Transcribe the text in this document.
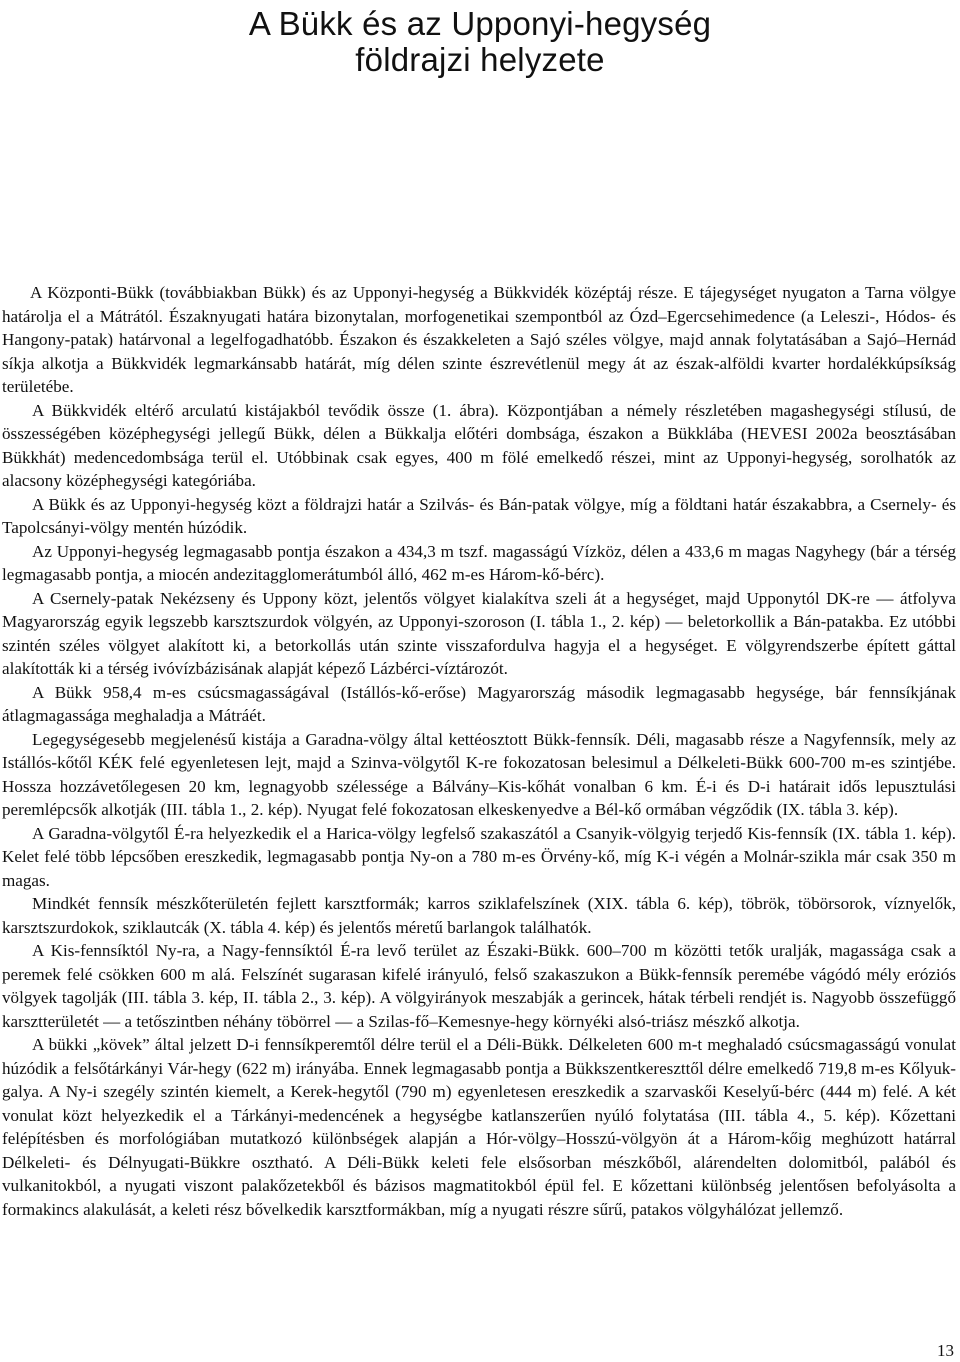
A Bükk és az Upponyi-hegység
földrajzi helyzete

A Központi-Bükk (továbbiakban Bükk) és az Upponyi-hegység a Bükkvidék középtáj része. E tájegységet nyugaton a Tarna völgye határolja el a Mátrától. Északnyugati határa bizonytalan, morfogenetikai szempontból az Ózd–Egercsehimedence (a Leleszi-, Hódos- és Hangony-patak) határvonal a legelfogadhatóbb. Északon és északkeleten a Sajó széles völgye, majd annak folytatásában a Sajó–Hernád síkja alkotja a Bükkvidék legmarkánsabb határát, míg délen szinte észrevétlenül megy át az észak-alföldi kvarter hordalékkúpsíkság területébe.

A Bükkvidék eltérő arculatú kistájakból tevődik össze (1. ábra). Központjában a némely részletében magashegységi stílusú, de összességében középhegységi jellegű Bükk, délen a Bükkalja előtéri dombsága, északon a Bükklába (HEVESI 2002a beosztásában Bükkhát) medencedombsága terül el. Utóbbinak csak egyes, 400 m fölé emelkedő részei, mint az Upponyi-hegység, sorolhatók az alacsony középhegységi kategóriába.

A Bükk és az Upponyi-hegység közt a földrajzi határ a Szilvás- és Bán-patak völgye, míg a földtani határ északabbra, a Csernely- és Tapolcsányi-völgy mentén húzódik.

Az Upponyi-hegység legmagasabb pontja északon a 434,3 m tszf. magasságú Vízköz, délen a 433,6 m magas Nagyhegy (bár a térség legmagasabb pontja, a miocén andezitagglomerátumból álló, 462 m-es Három-kő-bérc).

A Csernely-patak Nekézseny és Uppony közt, jelentős völgyet kialakítva szeli át a hegységet, majd Upponytól DK-re — átfolyva Magyarország egyik legszebb karsztszurdok völgyén, az Upponyi-szoroson (I. tábla 1., 2. kép) — beletorkollik a Bán-patakba. Ez utóbbi szintén széles völgyet alakított ki, a betorkollás után szinte visszafordulva hagyja el a hegységet. E völgyrendszerbe épített gáttal alakították ki a térség ivóvízbázisának alapját képező Lázbérci-víztározót.

A Bükk 958,4 m-es csúcsmagasságával (Istállós-kő-erőse) Magyarország második legmagasabb hegysége, bár fennsíkjának átlagmagassága meghaladja a Mátráét.

Legegységesebb megjelenésű kistája a Garadna-völgy által kettéosztott Bükk-fennsík. Déli, magasabb része a Nagyfennsík, mely az Istállós-kőtől KÉK felé egyenletesen lejt, majd a Szinva-völgytől K-re fokozatosan belesimul a Délkeleti-Bükk 600-700 m-es szintjébe. Hossza hozzávetőlegesen 20 km, legnagyobb szélessége a Bálvány–Kis-kőhát vonalban 6 km. É-i és D-i határait idős lepusztulási peremlépcsők alkotják (III. tábla 1., 2. kép). Nyugat felé fokozatosan elkeskenyedve a Bél-kő ormában végződik (IX. tábla 3. kép).

A Garadna-völgytől É-ra helyezkedik el a Harica-völgy legfelső szakaszától a Csanyik-völgyig terjedő Kis-fennsík (IX. tábla 1. kép). Kelet felé több lépcsőben ereszkedik, legmagasabb pontja Ny-on a 780 m-es Örvény-kő, míg K-i végén a Molnár-szikla már csak 350 m magas.

Mindkét fennsík mészkőterületén fejlett karsztformák; karros sziklafelszínek (XIX. tábla 6. kép), töbrök, töbörsorok, víznyelők, karsztszurdokok, sziklautcák (X. tábla 4. kép) és jelentős méretű barlangok találhatók.

A Kis-fennsíktól Ny-ra, a Nagy-fennsíktól É-ra levő terület az Északi-Bükk. 600–700 m közötti tetők uralják, magassága csak a peremek felé csökken 600 m alá. Felszínét sugarasan kifelé irányuló, felső szakaszukon a Bükk-fennsík peremébe vágódó mély eróziós völgyek tagolják (III. tábla 3. kép, II. tábla 2., 3. kép). A völgyirányok meszabják a gerincek, hátak térbeli rendjét is. Nagyobb összefüggő karsztterületét — a tetőszintben néhány töbörrel — a Szilas-fő–Kemesnye-hegy környéki alsó-triász mészkő alkotja.

A bükki „kövek” által jelzett D-i fennsíkperemtől délre terül el a Déli-Bükk. Délkeleten 600 m-t meghaladó csúcsmagasságú vonulat húzódik a felsőtárkányi Vár-hegy (622 m) irányába. Ennek legmagasabb pontja a Bükkszentkereszttől délre emelkedő 719,8 m-es Kőlyuk-galya. A Ny-i szegély szintén kiemelt, a Kerek-hegytől (790 m) egyenletesen ereszkedik a szarvaskői Keselyű-bérc (444 m) felé. A két vonulat közt helyezkedik el a Tárkányi-medencének a hegységbe katlanszerűen nyúló folytatása (III. tábla 4., 5. kép). Kőzettani felépítésben és morfológiában mutatkozó különbségek alapján a Hór-völgy–Hosszú-völgyön át a Három-kőig meghúzott határral Délkeleti- és Délnyugati-Bükkre osztható. A Déli-Bükk keleti fele elsősorban mészkőből, alárendelten dolomitból, palából és vulkanitokból, a nyugati viszont palakőzetekből és bázisos magmatitokból épül fel. E kőzettani különbség jelentősen befolyásolta a formakincs alakulását, a keleti rész bővelkedik karsztformákban, míg a nyugati részre sűrű, patakos völgyhálózat jellemző.

13
